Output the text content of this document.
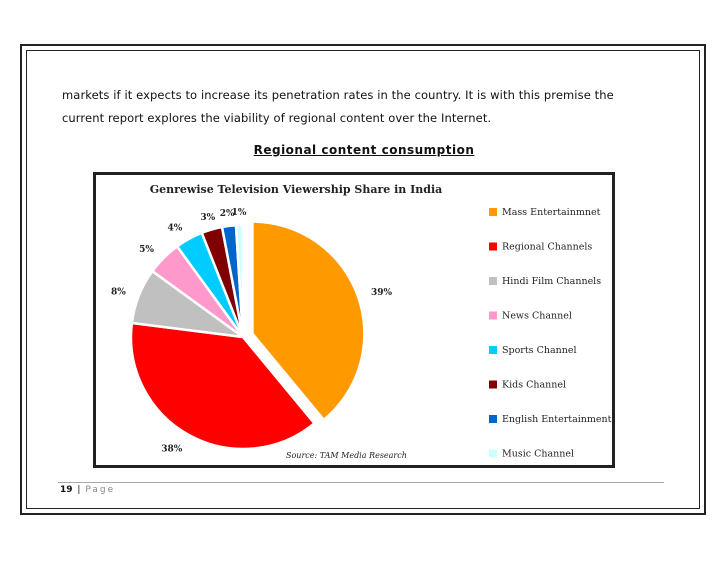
markets if it expects to increase its penetration rates in the country. It is with this premise the
current report explores the viability of regional content over the Internet.
Regional content consumption
Genrewise Television Viewership Share in India
39%
Mass Entertainmnet
38%
Regional Channels
8%
Hindi Film Channels
5%
News Channel
4%
Sports Channel
3%
Kids Channel
2%
English Entertainment
1%
Music Channel
Source: TAM Media Research
19 | Page
